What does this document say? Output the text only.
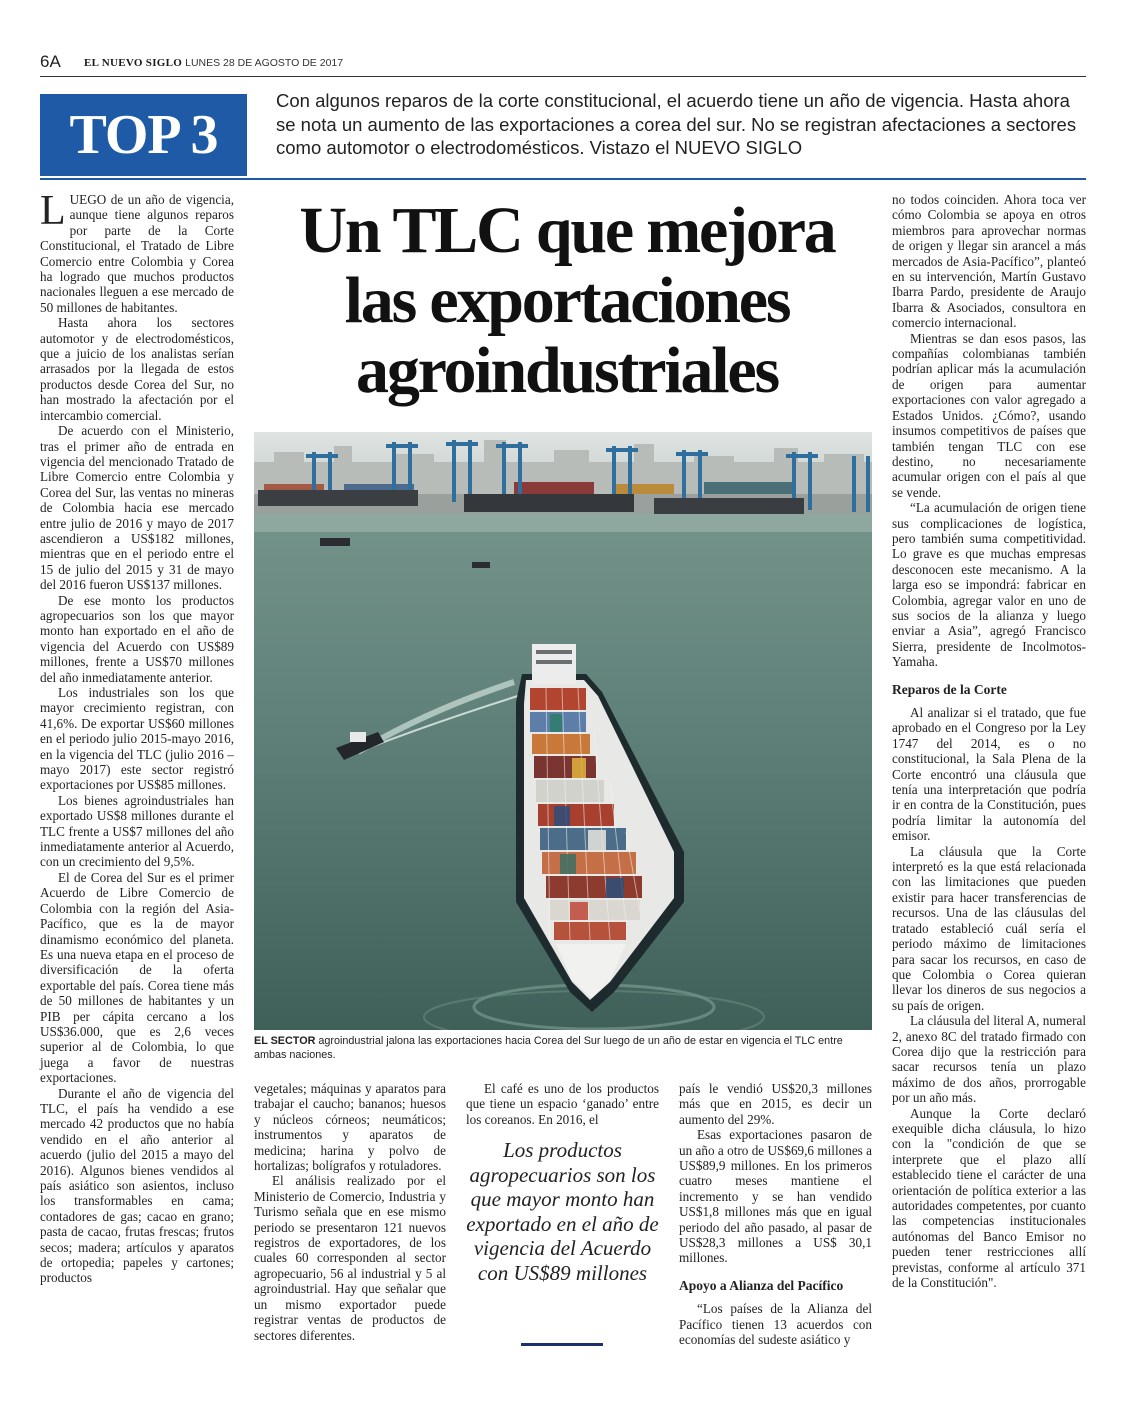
6A EL NUEVO SIGLO LUNES 28 DE AGOSTO DE 2017
TOP 3
Con algunos reparos de la corte constitucional, el acuerdo tiene un año de vigencia. Hasta ahora se nota un aumento de las exportaciones a corea del sur. No se registran afectaciones a sectores como automotor o electrodomésticos. Vistazo el NUEVO SIGLO

LUEGO de un año de vigencia, aunque tiene algunos reparos por parte de la Corte Constitucional, el Tratado de Libre Comercio entre Colombia y Corea ha logrado que muchos productos nacionales lleguen a ese mercado de 50 millones de habitantes.

Hasta ahora los sectores automotor y de electrodomésticos, que a juicio de los analistas serían arrasados por la llegada de estos productos desde Corea del Sur, no han mostrado la afectación por el intercambio comercial.

De acuerdo con el Ministerio, tras el primer año de entrada en vigencia del mencionado Tratado de Libre Comercio entre Colombia y Corea del Sur, las ventas no mineras de Colombia hacia ese mercado entre julio de 2016 y mayo de 2017 ascendieron a US$182 millones, mientras que en el periodo entre el 15 de julio del 2015 y 31 de mayo del 2016 fueron US$137 millones.

De ese monto los productos agropecuarios son los que mayor monto han exportado en el año de vigencia del Acuerdo con US$89 millones, frente a US$70 millones del año inmediatamente anterior.

Los industriales son los que mayor crecimiento registran, con 41,6%. De exportar US$60 millones en el periodo julio 2015-mayo 2016, en la vigencia del TLC (julio 2016 – mayo 2017) este sector registró exportaciones por US$85 millones.

Los bienes agroindustriales han exportado US$8 millones durante el TLC frente a US$7 millones del año inmediatamente anterior al Acuerdo, con un crecimiento del 9,5%.

El de Corea del Sur es el primer Acuerdo de Libre Comercio de Colombia con la región del Asia-Pacífico, que es la de mayor dinamismo económico del planeta. Es una nueva etapa en el proceso de diversificación de la oferta exportable del país. Corea tiene más de 50 millones de habitantes y un PIB per cápita cercano a los US$36.000, que es 2,6 veces superior al de Colombia, lo que juega a favor de nuestras exportaciones.

Durante el año de vigencia del TLC, el país ha vendido a ese mercado 42 productos que no había vendido en el año anterior al acuerdo (julio del 2015 a mayo del 2016). Algunos bienes vendidos al país asiático son asientos, incluso los transformables en cama; contadores de gas; cacao en grano; pasta de cacao, frutas frescas; frutos secos; madera; artículos y aparatos de ortopedia; papeles y cartones; productos

Un TLC que mejora
las exportaciones
agroindustriales
EL SECTOR agroindustrial jalona las exportaciones hacia Corea del Sur luego de un año de estar en vigencia el TLC entre ambas naciones.

vegetales; máquinas y aparatos para trabajar el caucho; bananos; huesos y núcleos córneos; neumáticos; instrumentos y aparatos de medicina; harina y polvo de hortalizas; bolígrafos y rotuladores.

El análisis realizado por el Ministerio de Comercio, Industria y Turismo señala que en ese mismo periodo se presentaron 121 nuevos registros de exportadores, de los cuales 60 corresponden al sector agropecuario, 56 al industrial y 5 al agroindustrial. Hay que señalar que un mismo exportador puede registrar ventas de productos de sectores diferentes.

El café es uno de los productos que tiene un espacio ‘ganado’ entre los coreanos. En 2016, el

Los productos agropecuarios son los que mayor monto han exportado en el año de vigencia del Acuerdo con US$89 millones

país le vendió US$20,3 millones más que en 2015, es decir un aumento del 29%.

Esas exportaciones pasaron de un año a otro de US$69,6 millones a US$89,9 millones. En los primeros cuatro meses mantiene el incremento y se han vendido US$1,8 millones más que en igual periodo del año pasado, al pasar de US$28,3 millones a US$ 30,1 millones.

Apoyo a Alianza del Pacífico

“Los países de la Alianza del Pacífico tienen 13 acuerdos con economías del sudeste asiático y

no todos coinciden. Ahora toca ver cómo Colombia se apoya en otros miembros para aprovechar normas de origen y llegar sin arancel a más mercados de Asia-Pacífico”, planteó en su intervención, Martín Gustavo Ibarra Pardo, presidente de Araujo Ibarra & Asociados, consultora en comercio internacional.

Mientras se dan esos pasos, las compañías colombianas también podrían aplicar más la acumulación de origen para aumentar exportaciones con valor agregado a Estados Unidos. ¿Cómo?, usando insumos competitivos de países que también tengan TLC con ese destino, no necesariamente acumular origen con el país al que se vende.

“La acumulación de origen tiene sus complicaciones de logística, pero también suma competitividad. Lo grave es que muchas empresas desconocen este mecanismo. A la larga eso se impondrá: fabricar en Colombia, agregar valor en uno de sus socios de la alianza y luego enviar a Asia”, agregó Francisco Sierra, presidente de Incolmotos-Yamaha.

Reparos de la Corte

Al analizar si el tratado, que fue aprobado en el Congreso por la Ley 1747 del 2014, es o no constitucional, la Sala Plena de la Corte encontró una cláusula que tenía una interpretación que podría ir en contra de la Constitución, pues podría limitar la autonomía del emisor.

La cláusula que la Corte interpretó es la que está relacionada con las limitaciones que pueden existir para hacer transferencias de recursos. Una de las cláusulas del tratado estableció cuál sería el periodo máximo de limitaciones para sacar los recursos, en caso de que Colombia o Corea quieran llevar los dineros de sus negocios a su país de origen.

La cláusula del literal A, numeral 2, anexo 8C del tratado firmado con Corea dijo que la restricción para sacar recursos tenía un plazo máximo de dos años, prorrogable por un año más.

Aunque la Corte declaró exequible dicha cláusula, lo hizo con la "condición de que se interprete que el plazo allí establecido tiene el carácter de una orientación de política exterior a las autoridades competentes, por cuanto las competencias institucionales autónomas del Banco Emisor no pueden tener restricciones allí previstas, conforme al artículo 371 de la Constitución".
